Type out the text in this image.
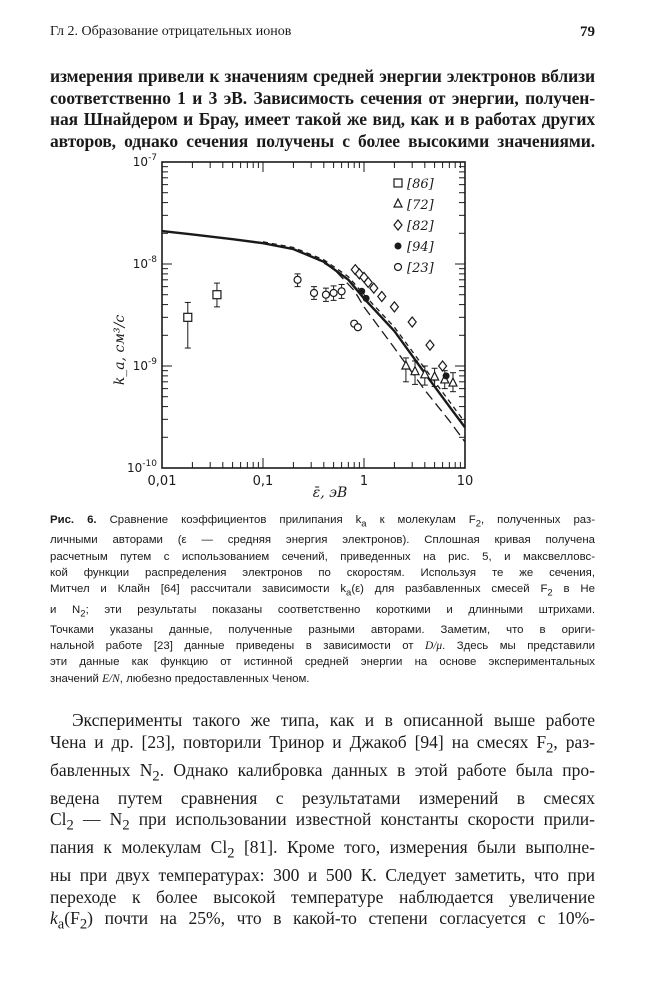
Гл 2. Образование отрицательных ионов	79
измерения привели к значениям средней энергии электронов вблизи
соответственно 1 и 3 эВ. Зависимость сечения от энергии, получен-
ная Шнайдером и Брау, имеет такой же вид, как и в работах других
авторов, однако сечения получены с более высокими значениями.
0,01	0,1	1	10
$10^{-7}$
$10^{-8}$
$10^{-9}$
$10^{-10}$
[86]
[72]
[82]
[94]
[23]
k_a, см³/с
ε̄, эВ
Рис. 6. Сравнение коэффициентов прилипания $k_a$ к молекулам $F_2$, полученных раз-
личными авторами (ε — средняя энергия электронов). Сплошная кривая получена
расчетным путем с использованием сечений, приведенных на рис. 5, и максвелловс-
кой функции распределения электронов по скоростям. Используя те же сечения,
Митчел и Клайн [64] рассчитали зависимости $k_a(\varepsilon)$ для разбавленных смесей $F_2$ в Не
и $N_2$; эти результаты показаны соответственно короткими и длинными штрихами.
Точками указаны данные, полученные разными авторами. Заметим, что в ориги-
нальной работе [23] данные приведены в зависимости от D/μ. Здесь мы представили
эти данные как функцию от истинной средней энергии на основе экспериментальных
значений E/N, любезно предоставленных Ченом.
Эксперименты такого же типа, как и в описанной выше работе
Чена и др. [23], повторили Тринор и Джакоб [94] на смесях $F_2$, раз-
бавленных $N_2$. Однако калибровка данных в этой работе была про-
ведена путем сравнения с результатами измерений в смесях
$Cl_2$ — $N_2$ при использовании известной константы скорости прили-
пания к молекулам $Cl_2$ [81]. Кроме того, измерения были выполне-
ны при двух температурах: 300 и 500 К. Следует заметить, что при
переходе к более высокой температуре наблюдается увеличение
$k_a(F_2)$ почти на 25%, что в какой-то степени согласуется с 10%-
